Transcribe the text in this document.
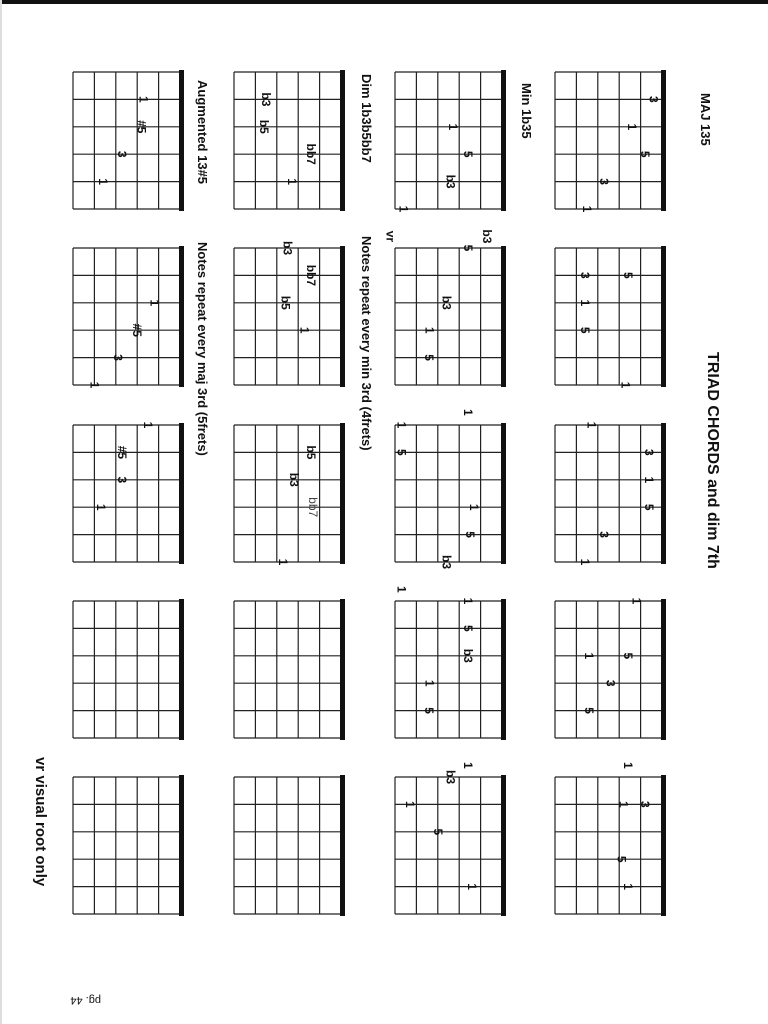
TRIAD CHORDS and dim 7th
MAJ 135
Min 1b35
Dim 1b3b5bb7
Notes repeat every min 3rd (4frets)
Augmented 13#5
Notes repeat every maj 3rd (5frets)
vr visual root only
pg. 44
3
1
5
3
1
5
3
1
5
1
3
1
5
1
3
1
1
5
3
1
5
1
3
1
5
1
b3
1
5
b3
1
vr
5
b3
1
5
1
1
5
1
5
b3
1
1
5
b3
1
5
1
b3
5
1
1
b3
b5
1
bb7
b3
bb7
b5
1
b5
b3
bb7
1
1
#5
3
1
1
#5
3
1
1
#5
3
1
